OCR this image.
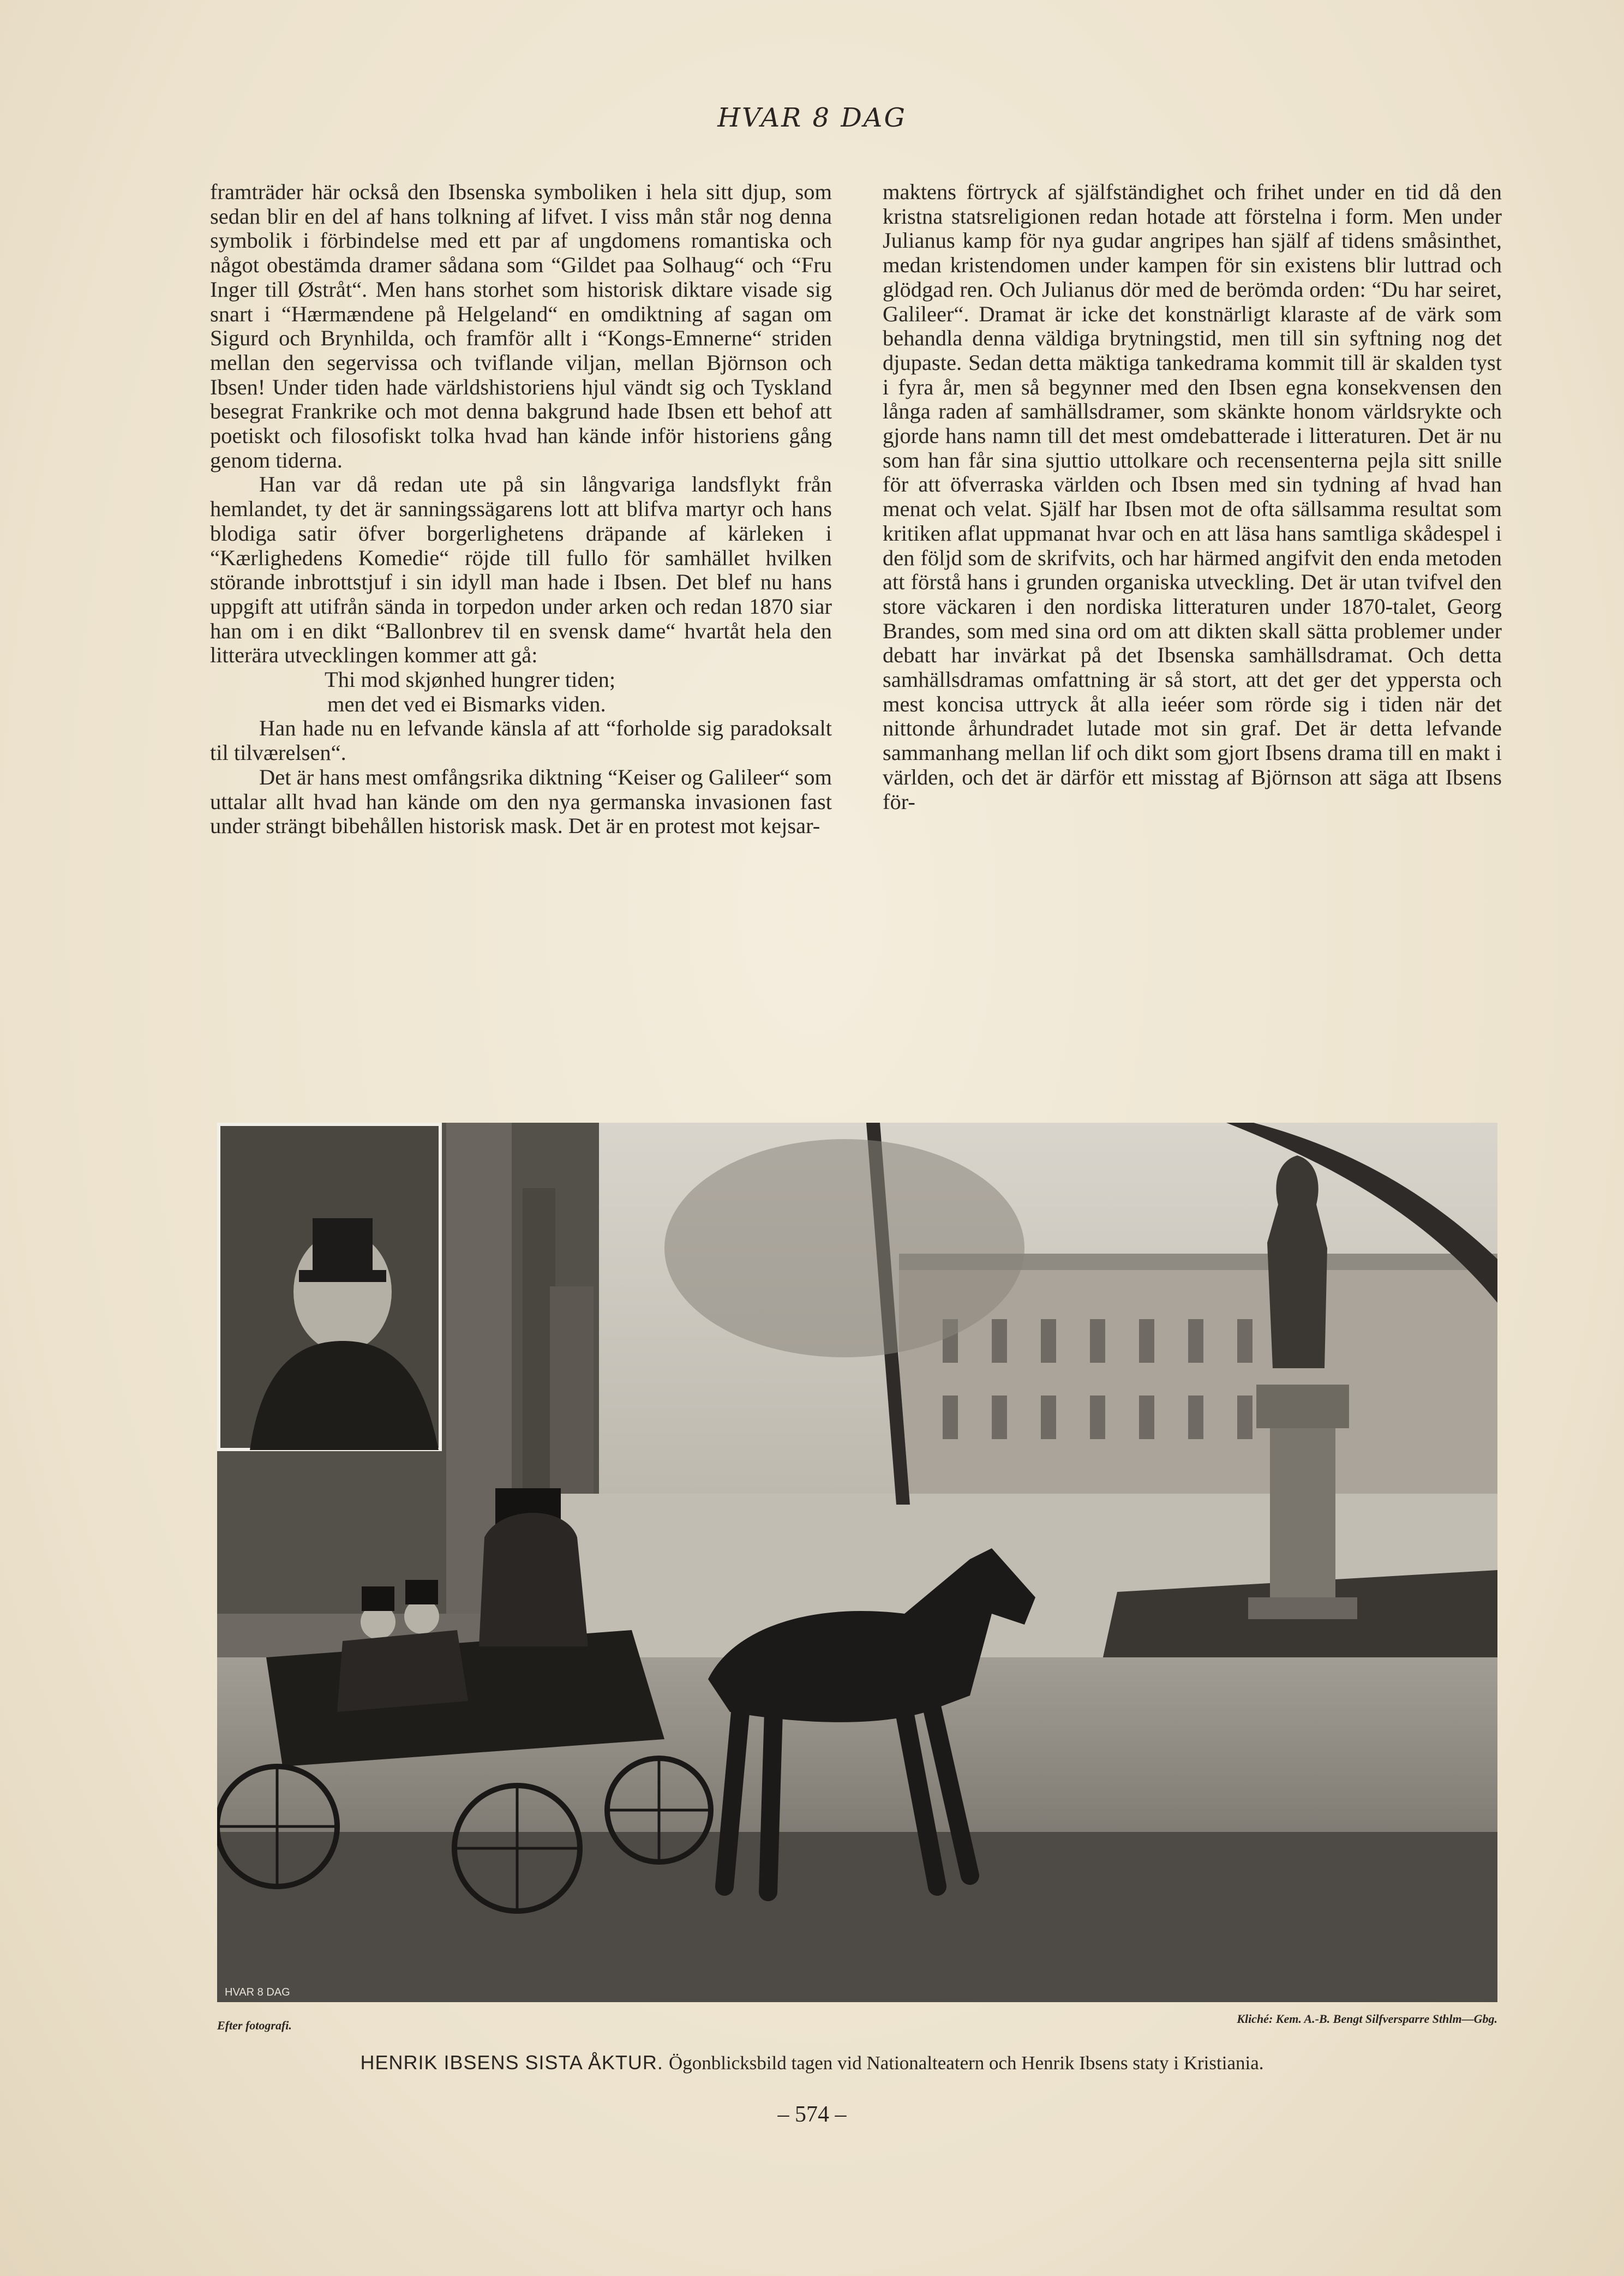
HVAR 8 DAG

framträder här också den Ibsenska symboliken i hela sitt djup, som sedan blir en del af hans tolkning af lifvet. I viss mån står nog denna symbolik i förbindelse med ett par af ungdomens romantiska och något obestämda dramer sådana som “Gildet paa Solhaug“ och “Fru Inger till Østråt“. Men hans storhet som historisk diktare visade sig snart i “Hærmændene på Helgeland“ en omdiktning af sagan om Sigurd och Brynhilda, och framför allt i “Kongs-Emnerne“ striden mellan den segervissa och tviflande viljan, mellan Björnson och Ibsen! Under tiden hade världshistoriens hjul vändt sig och Tyskland besegrat Frankrike och mot denna bakgrund hade Ibsen ett behof att poetiskt och filosofiskt tolka hvad han kände inför historiens gång genom tiderna.

Han var då redan ute på sin långvariga landsflykt från hemlandet, ty det är sanningssägarens lott att blifva martyr och hans blodiga satir öfver borgerlighetens dräpande af kärleken i “Kærlighedens Komedie“ röjde till fullo för samhället hvilken störande inbrottstjuf i sin idyll man hade i Ibsen. Det blef nu hans uppgift att utifrån sända in torpedon under arken och redan 1870 siar han om i en dikt “Ballonbrev til en svensk dame“ hvartåt hela den litterära utvecklingen kommer att gå:

Thi mod skjønhed hungrer tiden;

men det ved ei Bismarks viden.

Han hade nu en lefvande känsla af att “forholde sig paradoksalt til tilværelsen“.

Det är hans mest omfångsrika diktning “Keiser og Galileer“ som uttalar allt hvad han kände om den nya germanska invasionen fast under strängt bibehållen historisk mask. Det är en protest mot kejsar-

maktens förtryck af själfständighet och frihet under en tid då den kristna statsreligionen redan hotade att förstelna i form. Men under Julianus kamp för nya gudar angripes han själf af tidens småsinthet, medan kristendomen under kampen för sin existens blir luttrad och glödgad ren. Och Julianus dör med de berömda orden: “Du har seiret, Galileer“. Dramat är icke det konstnärligt klaraste af de värk som behandla denna väldiga brytningstid, men till sin syftning nog det djupaste. Sedan detta mäktiga tankedrama kommit till är skalden tyst i fyra år, men så begynner med den Ibsen egna konsekvensen den långa raden af samhällsdramer, som skänkte honom världsrykte och gjorde hans namn till det mest omdebatterade i litteraturen. Det är nu som han får sina sjuttio uttolkare och recensenterna pejla sitt snille för att öfverraska världen och Ibsen med sin tydning af hvad han menat och velat. Själf har Ibsen mot de ofta sällsamma resultat som kritiken aflat uppmanat hvar och en att läsa hans samtliga skådespel i den följd som de skrifvits, och har härmed angifvit den enda metoden att förstå hans i grunden organiska utveckling. Det är utan tvifvel den store väckaren i den nordiska litteraturen under 1870-talet, Georg Brandes, som med sina ord om att dikten skall sätta problemer under debatt har invärkat på det Ibsenska samhällsdramat. Och detta samhällsdramas omfattning är så stort, att det ger det yppersta och mest koncisa uttryck åt alla ieéer som rörde sig i tiden när det nittonde århundradet lutade mot sin graf. Det är detta lefvande sammanhang mellan lif och dikt som gjort Ibsens drama till en makt i världen, och det är därför ett misstag af Björnson att säga att Ibsens för-

HVAR 8 DAG
Efter fotografi.	Kliché: Kem. A.-B. Bengt Silfversparre Sthlm—Gbg.
HENRIK IBSENS SISTA ÅKTUR. Ögonblicksbild tagen vid Nationalteatern och Henrik Ibsens staty i Kristiania.
– 574 –
